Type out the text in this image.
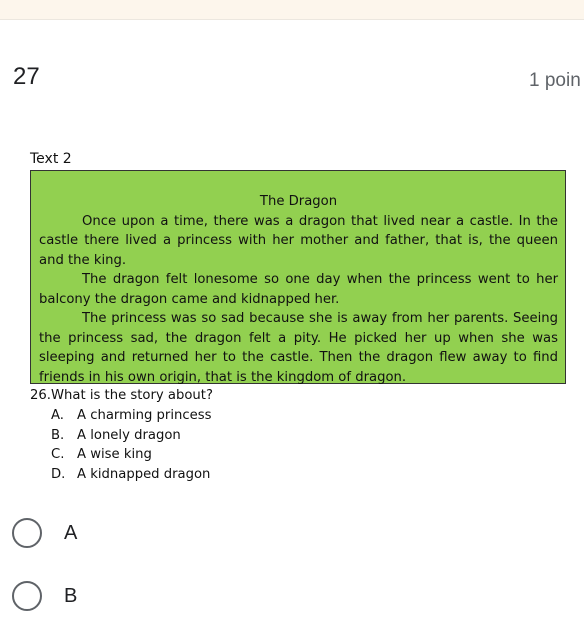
27	1 poin
Text 2
The Dragon

Once upon a time, there was a dragon that lived near a castle. In the castle there lived a princess with her mother and father, that is, the queen and the king.

The dragon felt lonesome so one day when the princess went to her balcony the dragon came and kidnapped her.

The princess was so sad because she is away from her parents. Seeing the princess sad, the dragon felt a pity. He picked her up when she was sleeping and returned her to the castle. Then the dragon flew away to find friends in his own origin, that is the kingdom of dragon.

26.What is the story about?
A. A charming princess
B. A lonely dragon
C. A wise king
D. A kidnapped dragon
A
B
